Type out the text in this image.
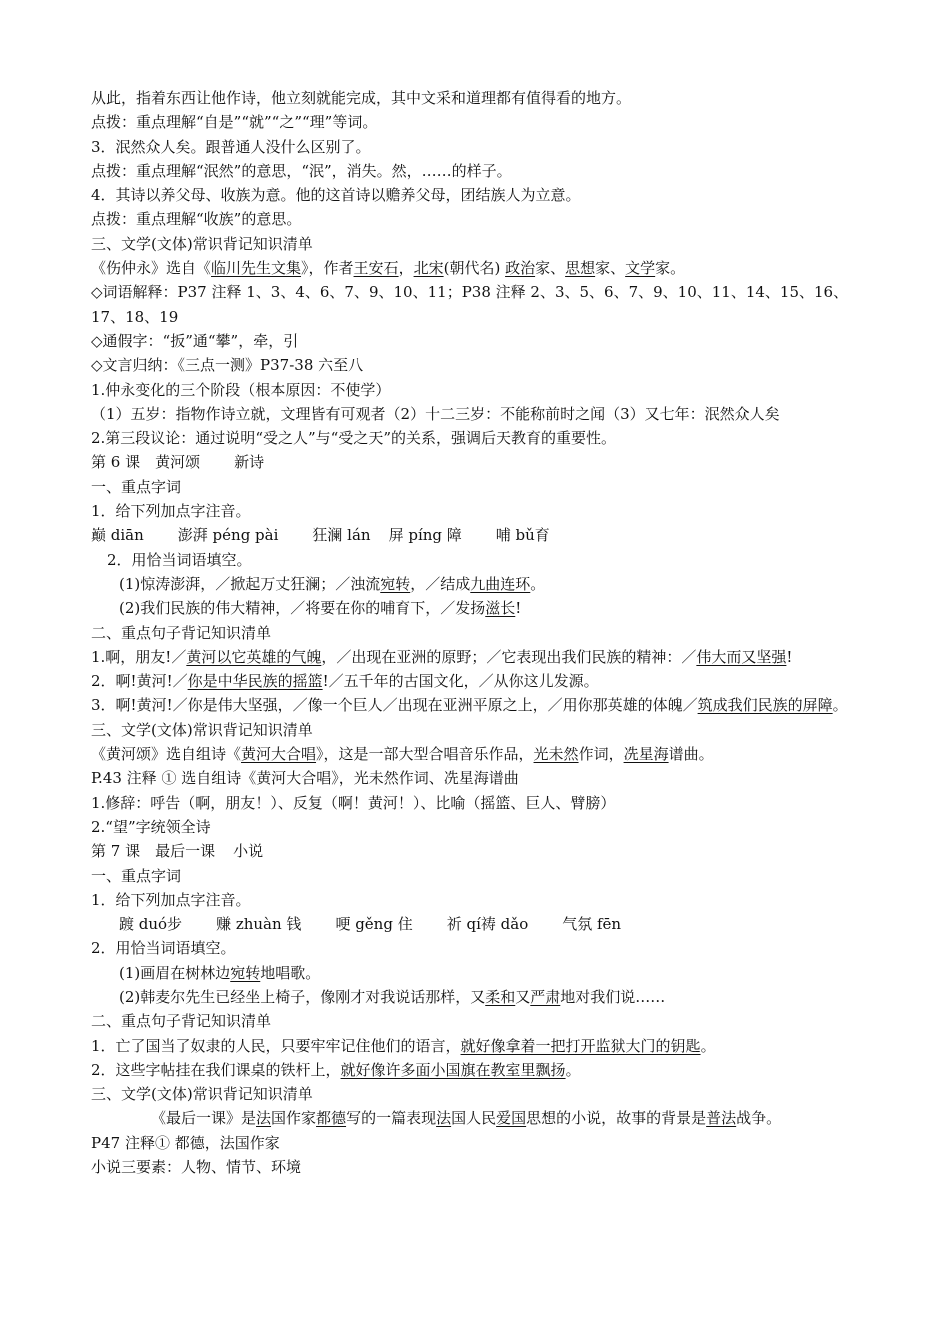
从此，指着东西让他作诗，他立刻就能完成，其中文采和道理都有值得看的地方。
点拨：重点理解“自是”“就”“之”“理”等词。
3．泯然众人矣。跟普通人没什么区别了。
点拨：重点理解“泯然”的意思，“泯”，消失。然，……的样子。
4．其诗以养父母、收族为意。他的这首诗以赡养父母，团结族人为立意。
点拨：重点理解“收族”的意思。
三、文学(文体)常识背记知识清单
《伤仲永》选自《临川先生文集》，作者王安石，北宋(朝代名) 政治家、思想家、文学家。
◇词语解释：P37 注释 1、3、4、6、7、9、10、11；P38 注释 2、3、5、6、7、9、10、11、14、15、16、17、18、19
◇通假字：“扳”通“攀”，牵，引
◇文言归纳：《三点一测》P37-38 六至八
1.仲永变化的三个阶段（根本原因：不使学）
（1）五岁：指物作诗立就，文理皆有可观者（2）十二三岁：不能称前时之闻（3）又七年：泯然众人矣
2.第三段议论：通过说明“受之人”与“受之天”的关系，强调后天教育的重要性。
第 6 课　黄河颂 新诗
一、重点字词
1．给下列加点字注音。
巅 diān 澎湃 péng pài 狂澜 lán 屏 píng 障 哺 bǔ育
2．用恰当词语填空。
(1)惊涛澎湃，／掀起万丈狂澜；／浊流宛转，／结成九曲连环。
(2)我们民族的伟大精神，／将要在你的哺育下，／发扬滋长!
二、重点句子背记知识清单
1.啊，朋友!／黄河以它英雄的气魄，／出现在亚洲的原野；／它表现出我们民族的精神：／伟大而又坚强!
2．啊!黄河!／你是中华民族的摇篮!／五千年的古国文化，／从你这儿发源。
3．啊!黄河!／你是伟大坚强，／像一个巨人／出现在亚洲平原之上，／用你那英雄的体魄／筑成我们民族的屏障。
三、文学(文体)常识背记知识清单
《黄河颂》选自组诗《黄河大合唱》，这是一部大型合唱音乐作品，光未然作词，冼星海谱曲。
P.43 注释 ① 选自组诗《黄河大合唱》，光未然作词、冼星海谱曲
1.修辞：呼告（啊，朋友！）、反复（啊！黄河！）、比喻（摇篮、巨人、臂膀）
2.“望”字统领全诗
第 7 课　最后一课 小说
一、重点字词
1．给下列加点字注音。
踱 duó步 赚 zhuàn 钱 哽 gěng 住 祈 qí祷 dǎo 气氛 fēn
2．用恰当词语填空。
(1)画眉在树林边宛转地唱歌。
(2)韩麦尔先生已经坐上椅子，像刚才对我说话那样，又柔和又严肃地对我们说……
二、重点句子背记知识清单
1．亡了国当了奴隶的人民，只要牢牢记住他们的语言，就好像拿着一把打开监狱大门的钥匙。
2．这些字帖挂在我们课桌的铁杆上，就好像许多面小国旗在教室里飘扬。
三、文学(文体)常识背记知识清单
《最后一课》是法国作家都德写的一篇表现法国人民爱国思想的小说，故事的背景是普法战争。
P47 注释① 都德，法国作家
小说三要素：人物、情节、环境
